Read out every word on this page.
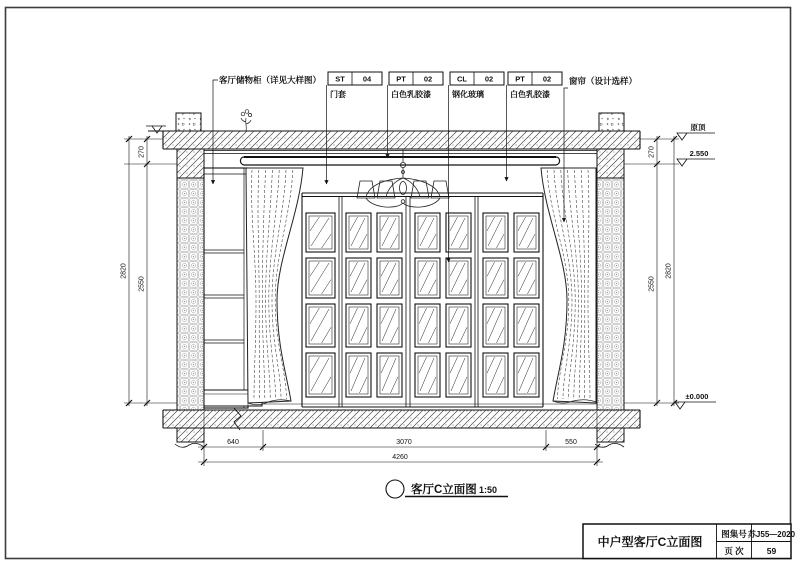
客厅储物柜（详见大样图）	窗帘（设计选样）
ST 04
门套
PT 02
白色乳胶漆
CL 02
钢化玻璃
PT 02
白色乳胶漆
270
2550
2820
270
2550
2820
原顶
2.550
±0.000
640	3070	550
4260
客厅C立面图 1:50
中户型客厅C立面图
图集号 苏J55—2020
页 次	59
